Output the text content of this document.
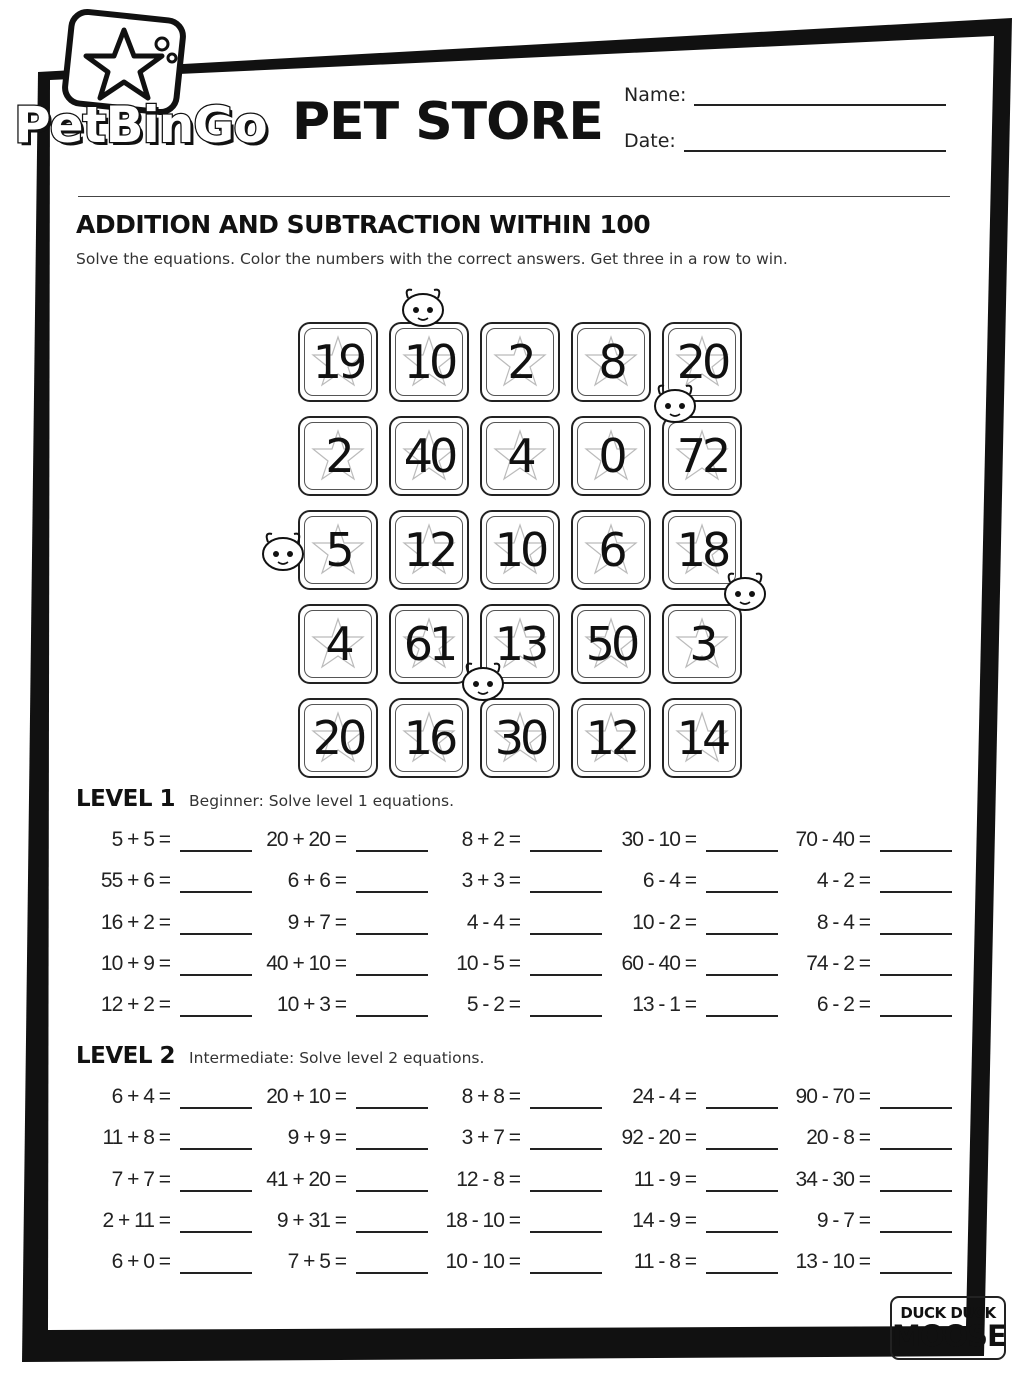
PetBinGo PET STORE Name:
Date:
ADDITION AND SUBTRACTION WITHIN 100
Solve the equations. Color the numbers with the correct answers. Get three in a row to win.
19 10	2	8	20
2	40	4	0	72
5	12 10	6	18
4	61 13 50	3
20 16 30 12 14
LEVEL 1 Beginner: Solve level 1 equations.
5 + 5 =	20 + 20 =	8 + 2 =	30 - 10 =	70 - 40 =
55 + 6 =	6 + 6 =	3 + 3 =	6 - 4 =	4 - 2 =
16 + 2 =	9 + 7 =	4 - 4 =	10 - 2 =	8 - 4 =
10 + 9 =	40 + 10 =	10 - 5 =	60 - 40 =	74 - 2 =
12 + 2 =	10 + 3 =	5 - 2 =	13 - 1 =	6 - 2 =
LEVEL 2 Intermediate: Solve level 2 equations.
6 + 4 =	20 + 10 =	8 + 8 =	24 - 4 =	90 - 70 =
11 + 8 =	9 + 9 =	3 + 7 =	92 - 20 =	20 - 8 =
7 + 7 =	41 + 20 =	12 - 8 =	11 - 9 =	34 - 30 =
2 + 11 =	9 + 31 =	18 - 10 =	14 - 9 =	9 - 7 =
6 + 0 =	7 + 5 =	10 - 10 =	11 - 8 =	13 - 10 =
DUCK DUCK
MOOSE
